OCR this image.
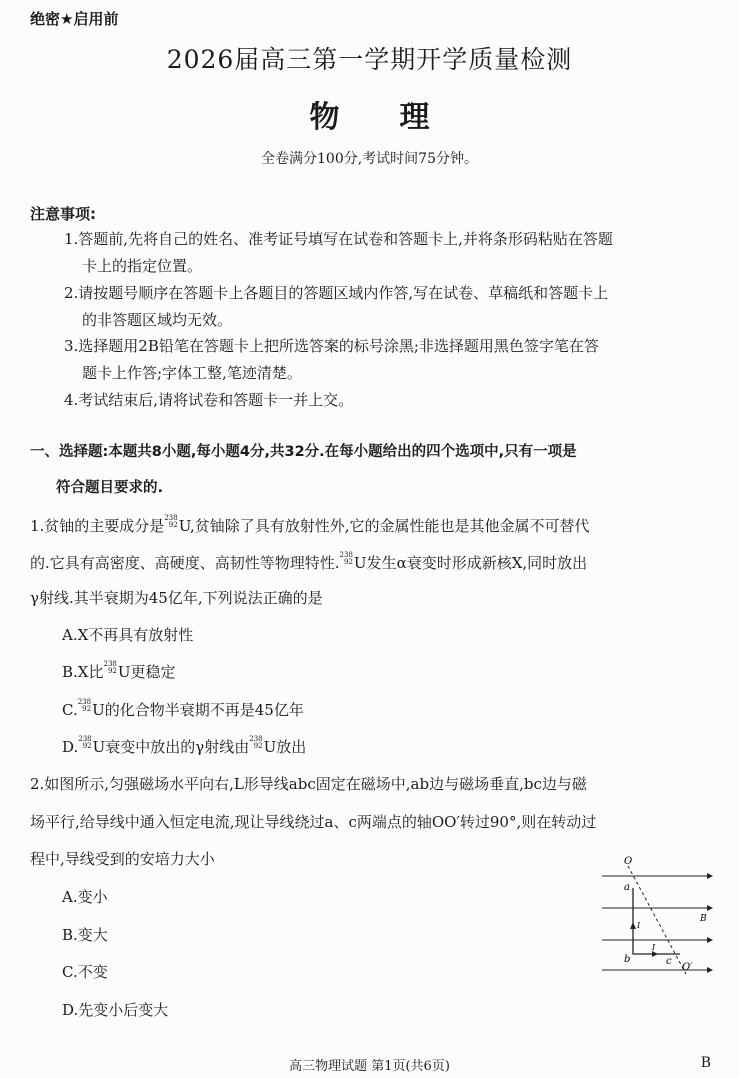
绝密★启用前
2026届高三第一学期开学质量检测
物 理
全卷满分100分,考试时间75分钟。
注意事项:
1.答题前,先将自己的姓名、准考证号填写在试卷和答题卡上,并将条形码粘贴在答题
卡上的指定位置。
2.请按题号顺序在答题卡上各题目的答题区域内作答,写在试卷、草稿纸和答题卡上
的非答题区域均无效。
3.选择题用2B铅笔在答题卡上把所选答案的标号涂黑;非选择题用黑色签字笔在答
题卡上作答;字体工整,笔迹清楚。
4.考试结束后,请将试卷和答题卡一并上交。
一、选择题:本题共8小题,每小题4分,共32分.在每小题给出的四个选项中,只有一项是
符合题目要求的.
1.贫铀的主要成分是 238
92 U,贫铀除了具有放射性外,它的金属性能也是其他金属不可替代
的.它具有高密度、高硬度、高韧性等物理特性. 238
92 U发生α衰变时形成新核X,同时放出
γ射线.其半衰期为45亿年,下列说法正确的是
A.X不再具有放射性
B.X比 238
92 U更稳定
C. 238
92 U的化合物半衰期不再是45亿年
D. 238
92 U衰变中放出的γ射线由 238
92 U放出
2.如图所示,匀强磁场水平向右,L形导线abc固定在磁场中,ab边与磁场垂直,bc边与磁
场平行,给导线中通入恒定电流,现让导线绕过a、c两端点的轴OO′转过90°,则在转动过
程中,导线受到的安培力大小
A.变小
B.变大
C.不变
D.先变小后变大
O
a
b	c
B
I
I
O′
高三物理试题 第1页(共6页)	B
